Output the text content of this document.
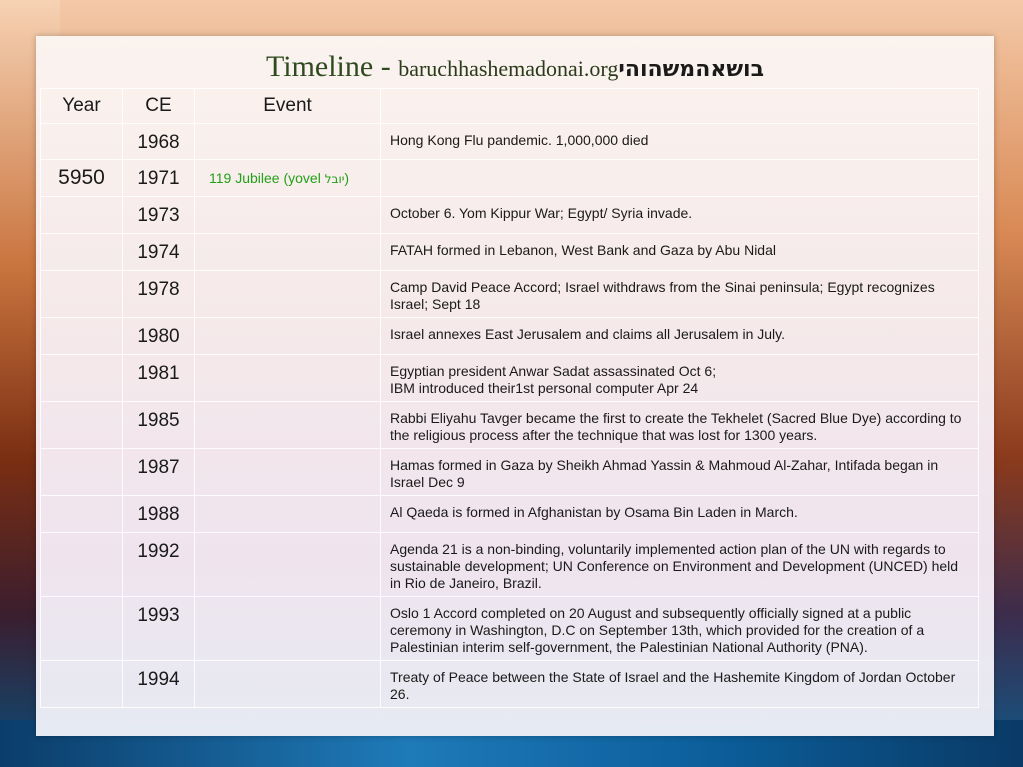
Timeline - baruchhashemadonai.orgבושאהמשהוהי
Year	CE	Event	
	1968		Hong Kong Flu pandemic. 1,000,000 died
5950	1971	119 Jubilee (yovel יובל)	
	1973		October 6. Yom Kippur War; Egypt/ Syria invade.
	1974		FATAH formed in Lebanon, West Bank and Gaza by Abu Nidal
	1978		Camp David Peace Accord; Israel withdraws from the Sinai peninsula; Egypt recognizes Israel; Sept 18
	1980		Israel annexes East Jerusalem and claims all Jerusalem in July.
	1981		Egyptian president Anwar Sadat assassinated Oct 6;
IBM introduced their1st personal computer Apr 24

	1985		Rabbi Eliyahu Tavger became the first to create the Tekhelet (Sacred Blue Dye) according to the religious process after the technique that was lost for 1300 years.
	1987		Hamas formed in Gaza by Sheikh Ahmad Yassin & Mahmoud Al-Zahar, Intifada began in Israel Dec 9
	1988		Al Qaeda is formed in Afghanistan by Osama Bin Laden in March.
	1992		Agenda 21 is a non-binding, voluntarily implemented action plan of the UN with regards to sustainable development; UN Conference on Environment and Development (UNCED) held in Rio de Janeiro, Brazil.
	1993		Oslo 1 Accord completed on 20 August and subsequently officially signed at a public ceremony in Washington, D.C on September 13th, which provided for the creation of a Palestinian interim self-government, the Palestinian National Authority (PNA).
	1994		Treaty of Peace between the State of Israel and the Hashemite Kingdom of Jordan October 26.
